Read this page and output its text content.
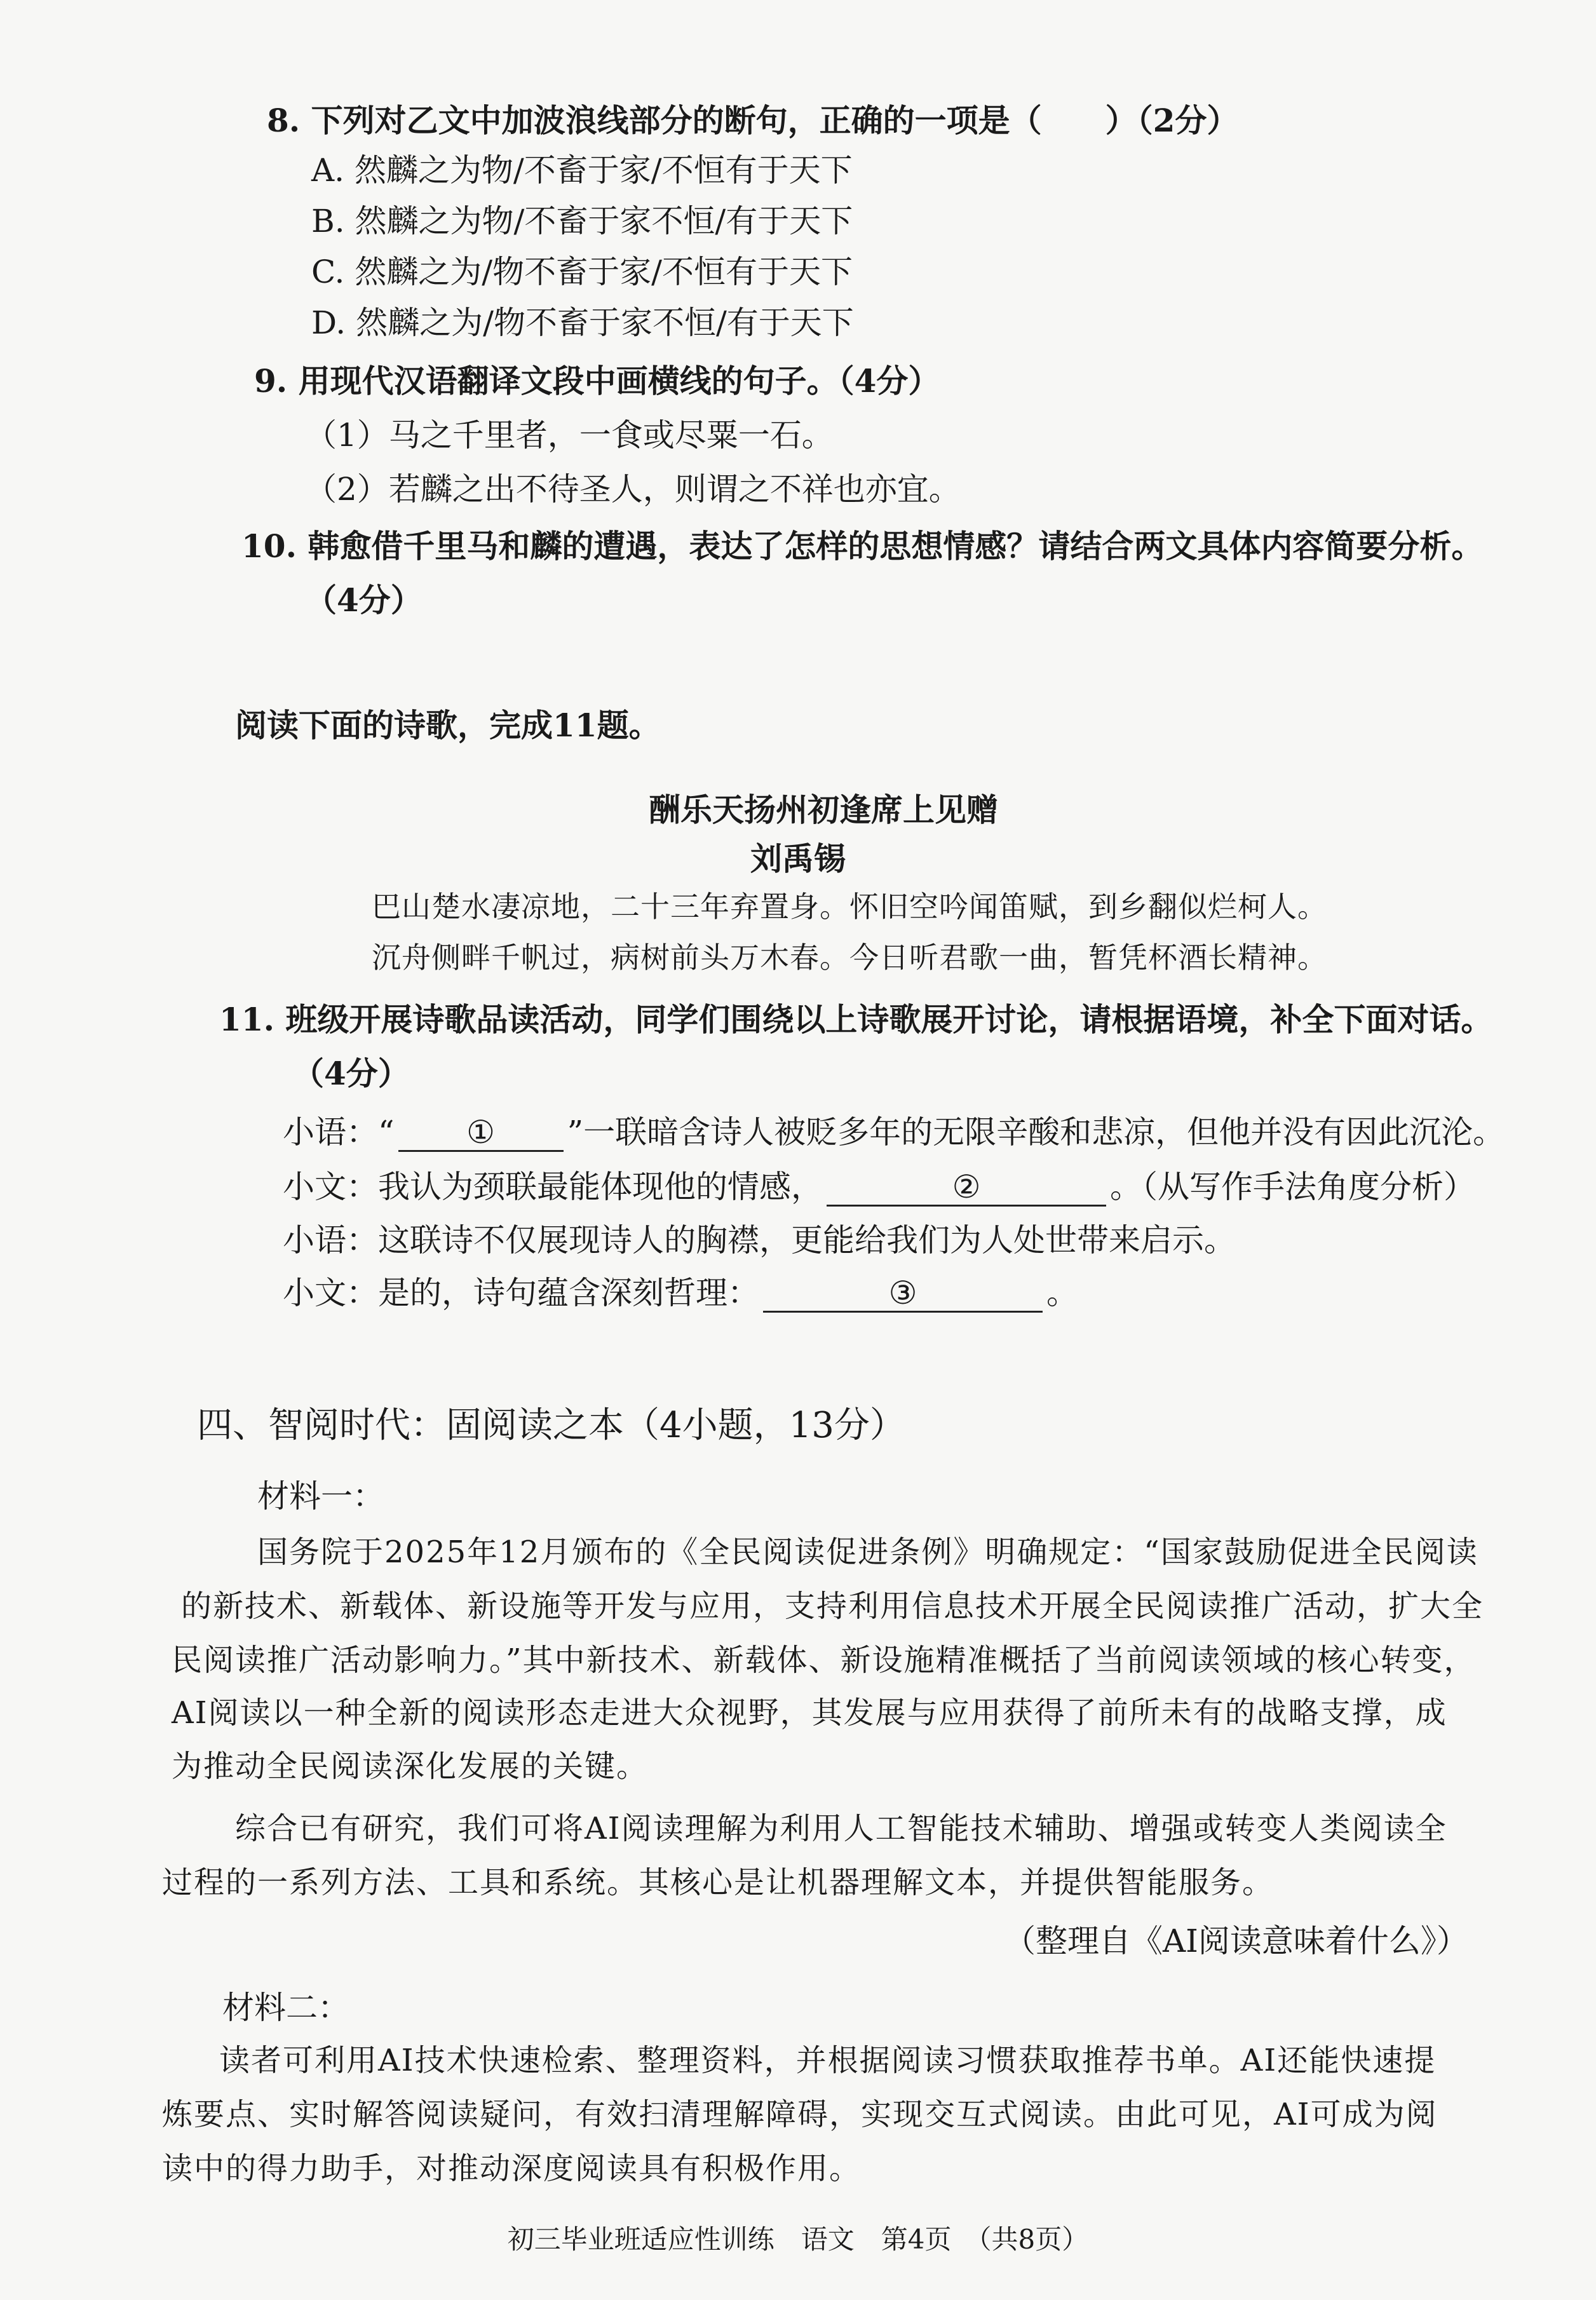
8. 下列对乙文中加波浪线部分的断句，正确的一项是（　　）（2分）
A. 然麟之为物/不畜于家/不恒有于天下
B. 然麟之为物/不畜于家不恒/有于天下
C. 然麟之为/物不畜于家/不恒有于天下
D. 然麟之为/物不畜于家不恒/有于天下
9. 用现代汉语翻译文段中画横线的句子。（4分）
（1）马之千里者，一食或尽粟一石。
（2）若麟之出不待圣人，则谓之不祥也亦宜。
10. 韩愈借千里马和麟的遭遇，表达了怎样的思想情感？请结合两文具体内容简要分析。
（4分）
阅读下面的诗歌，完成11题。
酬乐天扬州初逢席上见赠
刘禹锡
巴山楚水凄凉地，二十三年弃置身。怀旧空吟闻笛赋，到乡翻似烂柯人。
沉舟侧畔千帆过，病树前头万木春。今日听君歌一曲，暂凭杯酒长精神。
11. 班级开展诗歌品读活动，同学们围绕以上诗歌展开讨论，请根据语境，补全下面对话。
（4分）
小语：“ ① ”一联暗含诗人被贬多年的无限辛酸和悲凉，但他并没有因此沉沦。
小文：我认为颈联最能体现他的情感，	②	。（从写作手法角度分析）
小语：这联诗不仅展现诗人的胸襟，更能给我们为人处世带来启示。
小文：是的，诗句蕴含深刻哲理：	③	。
四、智阅时代：固阅读之本（4小题，13分）
材料一：
国务院于2025年12月颁布的《全民阅读促进条例》明确规定：“国家鼓励促进全民阅读
的新技术、新载体、新设施等开发与应用，支持利用信息技术开展全民阅读推广活动，扩大全
民阅读推广活动影响力。”其中新技术、新载体、新设施精准概括了当前阅读领域的核心转变，
AI阅读以一种全新的阅读形态走进大众视野，其发展与应用获得了前所未有的战略支撑，成
为推动全民阅读深化发展的关键。
综合已有研究，我们可将AI阅读理解为利用人工智能技术辅助、增强或转变人类阅读全
过程的一系列方法、工具和系统。其核心是让机器理解文本，并提供智能服务。
（整理自《AI阅读意味着什么》）
材料二：
读者可利用AI技术快速检索、整理资料，并根据阅读习惯获取推荐书单。AI还能快速提
炼要点、实时解答阅读疑问，有效扫清理解障碍，实现交互式阅读。由此可见，AI可成为阅
读中的得力助手，对推动深度阅读具有积极作用。
初三毕业班适应性训练　语文　第4页　（共8页）
